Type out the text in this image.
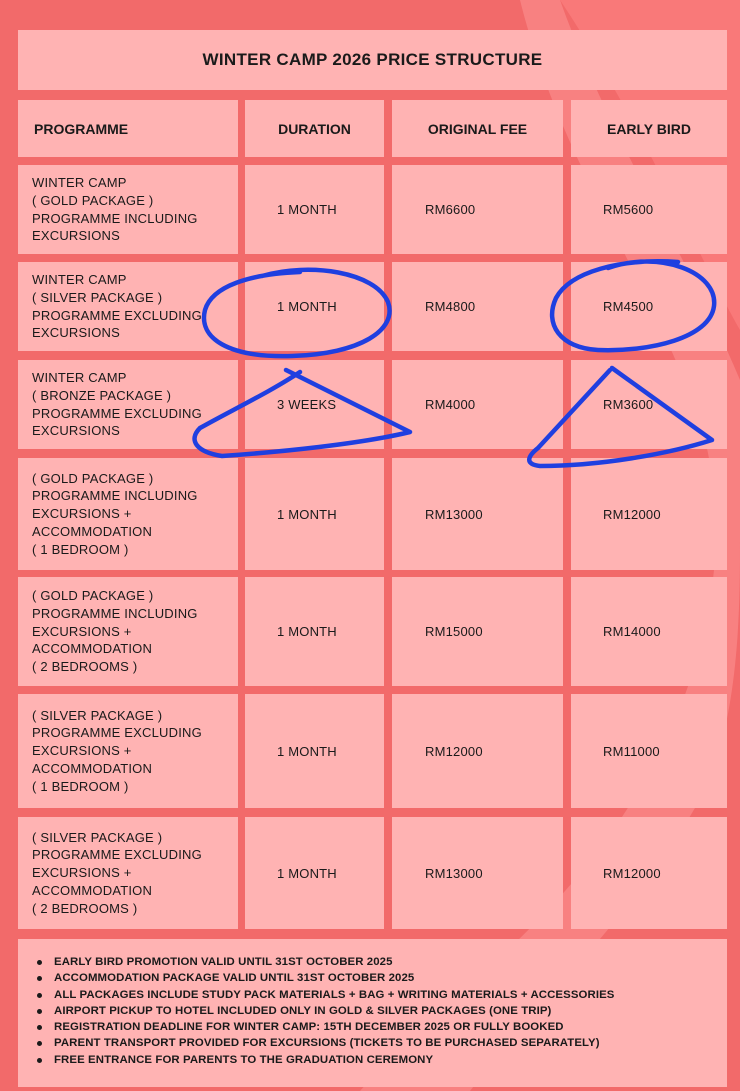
WINTER CAMP 2026 PRICE STRUCTURE
PROGRAMME	DURATION	ORIGINAL FEE	EARLY BIRD
WINTER CAMP
( GOLD PACKAGE )
PROGRAMME INCLUDING
EXCURSIONS
1 MONTH	RM6600	RM5600
WINTER CAMP
( SILVER PACKAGE )
PROGRAMME EXCLUDING
EXCURSIONS
1 MONTH	RM4800	RM4500
WINTER CAMP
( BRONZE PACKAGE )
PROGRAMME EXCLUDING
EXCURSIONS
3 WEEKS	RM4000	RM3600
( GOLD PACKAGE )
PROGRAMME INCLUDING
EXCURSIONS +
ACCOMMODATION
( 1 BEDROOM )
1 MONTH	RM13000	RM12000
( GOLD PACKAGE )
PROGRAMME INCLUDING
EXCURSIONS +
ACCOMMODATION
( 2 BEDROOMS )
1 MONTH	RM15000	RM14000
( SILVER PACKAGE )
PROGRAMME EXCLUDING
EXCURSIONS +
ACCOMMODATION
( 1 BEDROOM )
1 MONTH	RM12000	RM11000
( SILVER PACKAGE )
PROGRAMME EXCLUDING
EXCURSIONS +
ACCOMMODATION
( 2 BEDROOMS )
1 MONTH	RM13000	RM12000
EARLY BIRD PROMOTION VALID UNTIL 31ST OCTOBER 2025
ACCOMMODATION PACKAGE VALID UNTIL 31ST OCTOBER 2025
ALL PACKAGES INCLUDE STUDY PACK MATERIALS + BAG + WRITING MATERIALS + ACCESSORIES
AIRPORT PICKUP TO HOTEL INCLUDED ONLY IN GOLD & SILVER PACKAGES (ONE TRIP)
REGISTRATION DEADLINE FOR WINTER CAMP: 15TH DECEMBER 2025 OR FULLY BOOKED
PARENT TRANSPORT PROVIDED FOR EXCURSIONS (TICKETS TO BE PURCHASED SEPARATELY)
FREE ENTRANCE FOR PARENTS TO THE GRADUATION CEREMONY
